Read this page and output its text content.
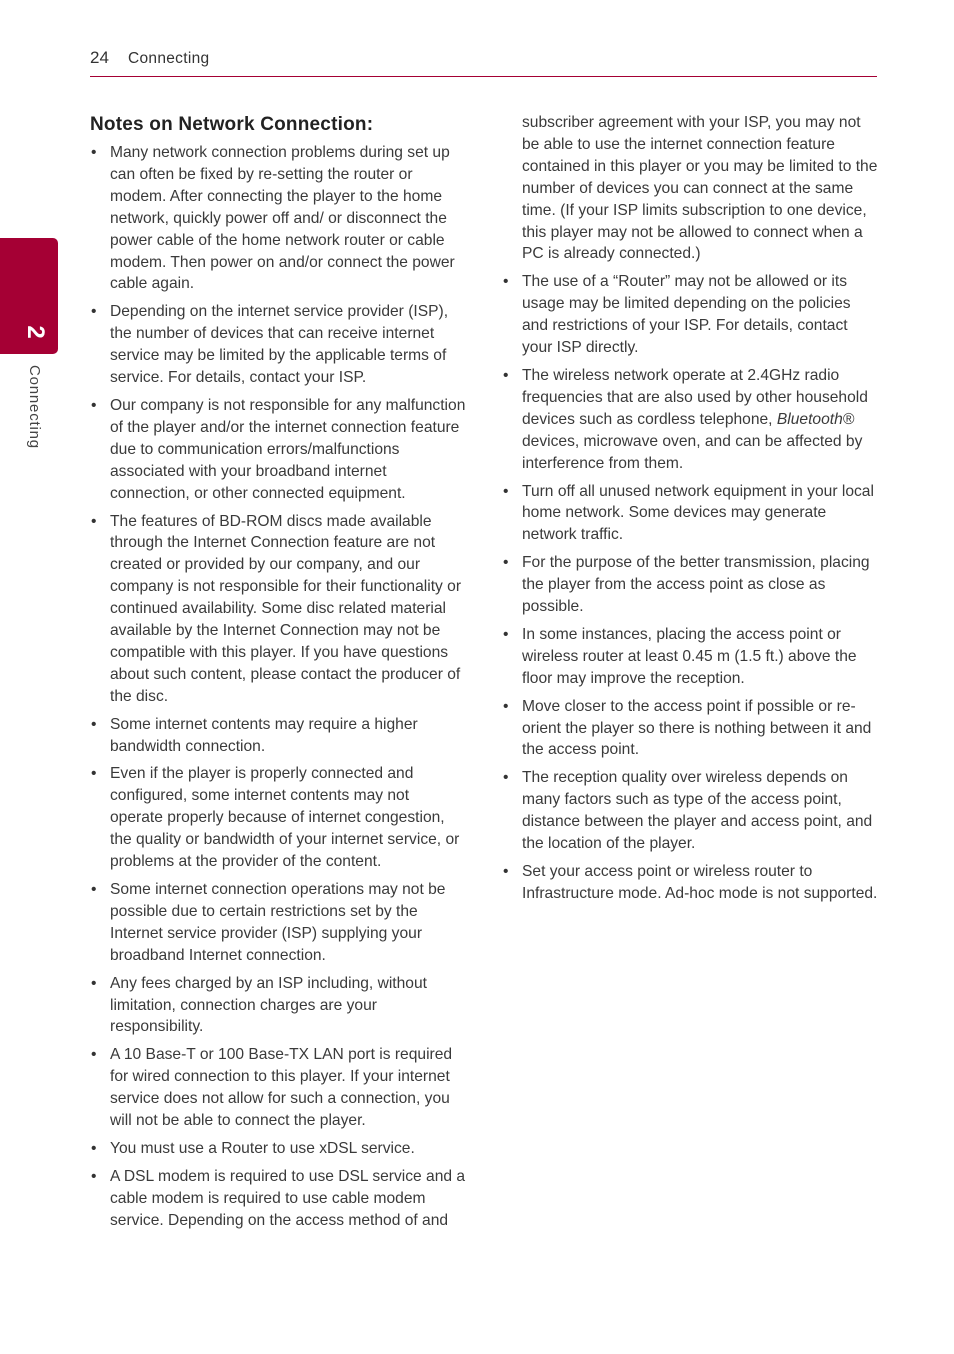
24 Connecting
2
Connecting
Notes on Network Connection:
• Many network connection problems during set up can often be fixed by re-setting the router or modem. After connecting the player to the home network, quickly power off and/ or disconnect the power cable of the home network router or cable modem. Then power on and/or connect the power cable again.
• Depending on the internet service provider (ISP), the number of devices that can receive internet service may be limited by the applicable terms of service. For details, contact your ISP.
• Our company is not responsible for any malfunction of the player and/or the internet connection feature due to communication errors/malfunctions associated with your broadband internet connection, or other connected equipment.
• The features of BD-ROM discs made available through the Internet Connection feature are not created or provided by our company, and our company is not responsible for their functionality or continued availability. Some disc related material available by the Internet Connection may not be compatible with this player. If you have questions about such content, please contact the producer of the disc.
• Some internet contents may require a higher bandwidth connection.
• Even if the player is properly connected and configured, some internet contents may not operate properly because of internet congestion, the quality or bandwidth of your internet service, or problems at the provider of the content.
• Some internet connection operations may not be possible due to certain restrictions set by the Internet service provider (ISP) supplying your broadband Internet connection.
• Any fees charged by an ISP including, without limitation, connection charges are your responsibility.
• A 10 Base-T or 100 Base-TX LAN port is required for wired connection to this player. If your internet service does not allow for such a connection, you will not be able to connect the player.
• You must use a Router to use xDSL service.
• A DSL modem is required to use DSL service and a cable modem is required to use cable modem service. Depending on the access method of and
subscriber agreement with your ISP, you may not be able to use the internet connection feature contained in this player or you may be limited to the number of devices you can connect at the same time. (If your ISP limits subscription to one device, this player may not be allowed to connect when a PC is already connected.)
• The use of a “Router” may not be allowed or its usage may be limited depending on the policies and restrictions of your ISP. For details, contact your ISP directly.
• The wireless network operate at 2.4GHz radio frequencies that are also used by other household devices such as cordless telephone, Bluetooth® devices, microwave oven, and can be affected by interference from them.
• Turn off all unused network equipment in your local home network. Some devices may generate network traffic.
• For the purpose of the better transmission, placing the player from the access point as close as possible.
• In some instances, placing the access point or wireless router at least 0.45 m (1.5 ft.) above the floor may improve the reception.
• Move closer to the access point if possible or re-orient the player so there is nothing between it and the access point.
• The reception quality over wireless depends on many factors such as type of the access point, distance between the player and access point, and the location of the player.
• Set your access point or wireless router to Infrastructure mode. Ad-hoc mode is not supported.
